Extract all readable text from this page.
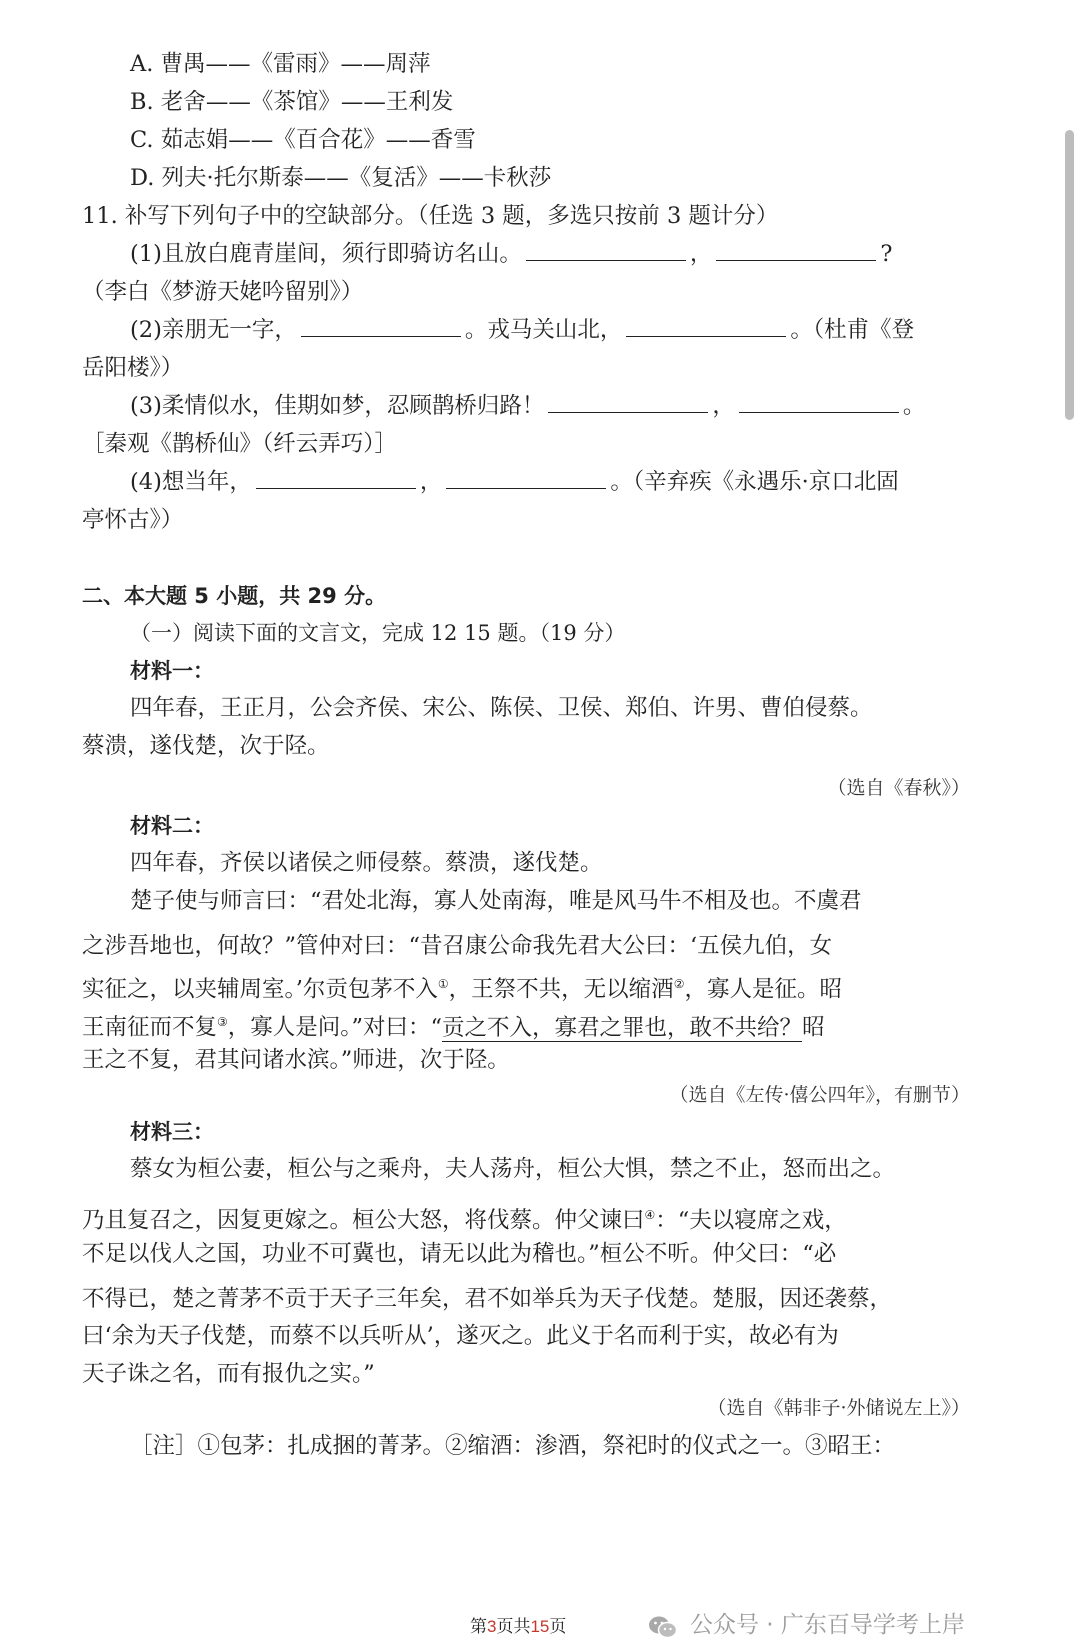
A. 曹禺——《雷雨》——周萍
B. 老舍——《茶馆》——王利发
C. 茹志娟——《百合花》——香雪
D. 列夫·托尔斯泰——《复活》——卡秋莎
11. 补写下列句子中的空缺部分。（任选 3 题，多选只按前 3 题计分）
(1)且放白鹿青崖间，须行即骑访名山。	，	?
（李白《梦游天姥吟留别》）
(2)亲朋无一字，	。戎马关山北，	。（杜甫《登
岳阳楼》）
(3)柔情似水，佳期如梦，忍顾鹊桥归路！	，	。
［秦观《鹊桥仙》（纤云弄巧）］
(4)想当年，	，	。（辛弃疾《永遇乐·京口北固
亭怀古》）
二、本大题 5 小题，共 29 分。
（一）阅读下面的文言文，完成 12 15 题。（19 分）
材料一：
四年春，王正月，公会齐侯、宋公、陈侯、卫侯、郑伯、许男、曹伯侵蔡。
蔡溃，遂伐楚，次于陉。
（选自《春秋》）
材料二：
四年春，齐侯以诸侯之师侵蔡。蔡溃，遂伐楚。
楚子使与师言曰：“君处北海，寡人处南海，唯是风马牛不相及也。不虞君
之涉吾地也，何故？”管仲对曰：“昔召康公命我先君大公曰：‘五侯九伯，女
实征之，以夹辅周室。’尔贡包茅不入①，王祭不共，无以缩酒②，寡人是征。昭
王南征而不复③，寡人是问。”对曰：“贡之不入，寡君之罪也，敢不共给？昭
王之不复，君其问诸水滨。”师进，次于陉。
（选自《左传·僖公四年》，有删节）
材料三：
蔡女为桓公妻，桓公与之乘舟，夫人荡舟，桓公大惧，禁之不止，怒而出之。
乃且复召之，因复更嫁之。桓公大怒，将伐蔡。仲父谏曰④：“夫以寝席之戏，
不足以伐人之国，功业不可冀也，请无以此为稽也。”桓公不听。仲父曰：“必
不得已，楚之菁茅不贡于天子三年矣，君不如举兵为天子伐楚。楚服，因还袭蔡，
曰‘余为天子伐楚，而蔡不以兵听从’，遂灭之。此义于名而利于实，故必有为
天子诛之名，而有报仇之实。”
（选自《韩非子·外储说左上》）
［注］①包茅：扎成捆的菁茅。②缩酒：渗酒，祭祀时的仪式之一。③昭王：
第3页共15页	公众号 · 广东百导学考上岸
